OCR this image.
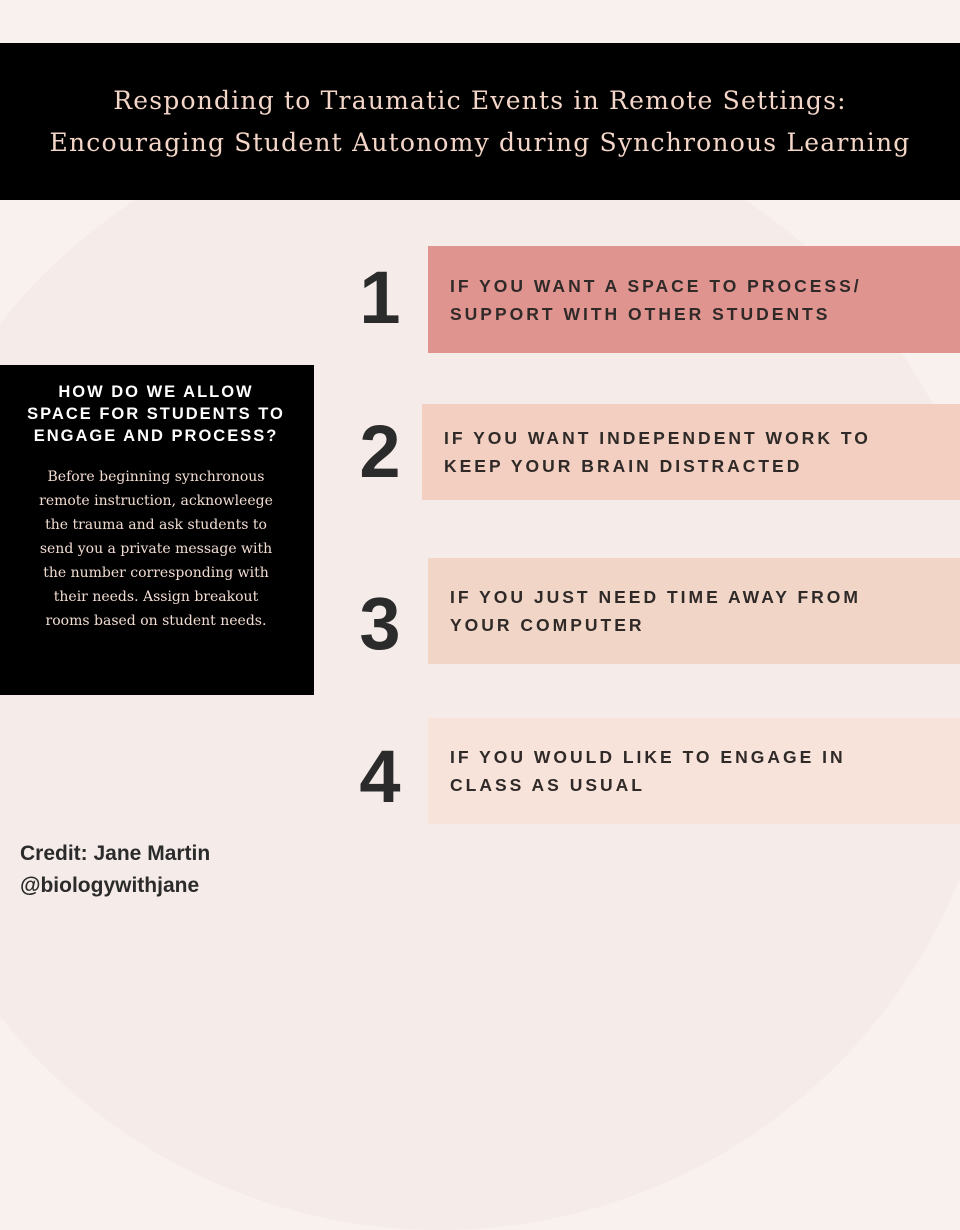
Responding to Traumatic Events in Remote Settings:
Encouraging Student Autonomy during Synchronous Learning

HOW DO WE ALLOW
SPACE FOR STUDENTS TO
ENGAGE AND PROCESS?

Before beginning synchronous
remote instruction, acknowleege
the trauma and ask students to
send you a private message with
the number corresponding with
their needs. Assign breakout
rooms based on student needs.

1	IF YOU WANT A SPACE TO PROCESS/
SUPPORT WITH OTHER STUDENTS
2	IF YOU WANT INDEPENDENT WORK TO
KEEP YOUR BRAIN DISTRACTED
3	IF YOU JUST NEED TIME AWAY FROM
YOUR COMPUTER
4	IF YOU WOULD LIKE TO ENGAGE IN
CLASS AS USUAL
Credit: Jane Martin
@biologywithjane
